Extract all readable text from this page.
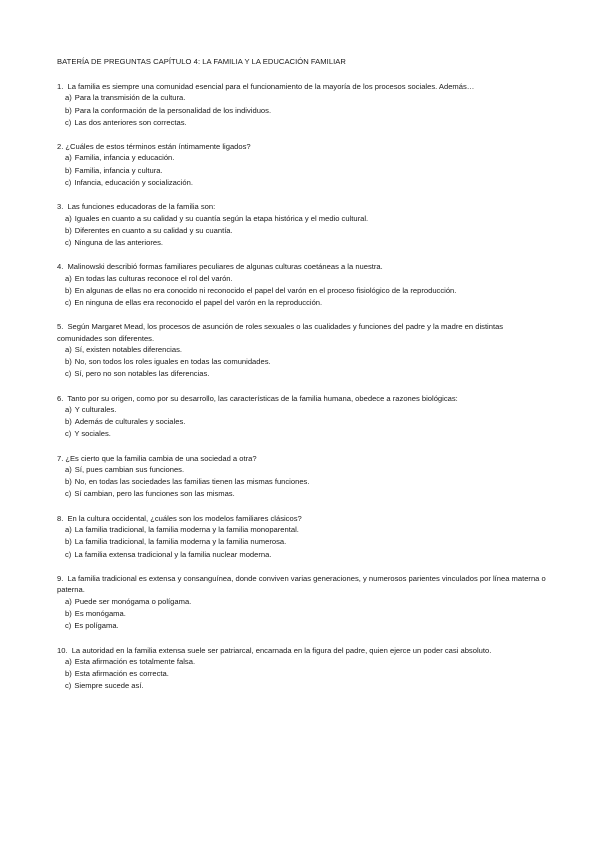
BATERÍA DE PREGUNTAS CAPÍTULO 4: LA FAMILIA Y LA EDUCACIÓN FAMILIAR

1. La familia es siempre una comunidad esencial para el funcionamiento de la mayoría de los procesos sociales. Además…

a) Para la transmisión de la cultura.
b) Para la conformación de la personalidad de los individuos.
c) Las dos anteriores son correctas.

2. ¿Cuáles de estos términos están íntimamente ligados?

a) Familia, infancia y educación.
b) Familia, infancia y cultura.
c) Infancia, educación y socialización.

3. Las funciones educadoras de la familia son:

a) Iguales en cuanto a su calidad y su cuantía según la etapa histórica y el medio cultural.
b) Diferentes en cuanto a su calidad y su cuantía.
c) Ninguna de las anteriores.

4. Malinowski describió formas familiares peculiares de algunas culturas coetáneas a la nuestra.

a) En todas las culturas reconoce el rol del varón.
b) En algunas de ellas no era conocido ni reconocido el papel del varón en el proceso fisiológico de la reproducción.
c) En ninguna de ellas era reconocido el papel del varón en la reproducción.

5. Según Margaret Mead, los procesos de asunción de roles sexuales o las cualidades y funciones del padre y la madre en distintas comunidades son diferentes.

a) Sí, existen notables diferencias.
b) No, son todos los roles iguales en todas las comunidades.
c) Sí, pero no son notables las diferencias.

6. Tanto por su origen, como por su desarrollo, las características de la familia humana, obedece a razones biológicas:

a) Y culturales.
b) Además de culturales y sociales.
c) Y sociales.

7. ¿Es cierto que la familia cambia de una sociedad a otra?

a) Sí, pues cambian sus funciones.
b) No, en todas las sociedades las familias tienen las mismas funciones.
c) Sí cambian, pero las funciones son las mismas.

8. En la cultura occidental, ¿cuáles son los modelos familiares clásicos?

a) La familia tradicional, la familia moderna y la familia monoparental.
b) La familia tradicional, la familia moderna y la familia numerosa.
c) La familia extensa tradicional y la familia nuclear moderna.

9. La familia tradicional es extensa y consanguínea, donde conviven varias generaciones, y numerosos parientes vinculados por línea materna o paterna.

a) Puede ser monógama o polígama.
b) Es monógama.
c) Es polígama.

10. La autoridad en la familia extensa suele ser patriarcal, encarnada en la figura del padre, quien ejerce un poder casi absoluto.

a) Esta afirmación es totalmente falsa.
b) Esta afirmación es correcta.
c) Siempre sucede así.
